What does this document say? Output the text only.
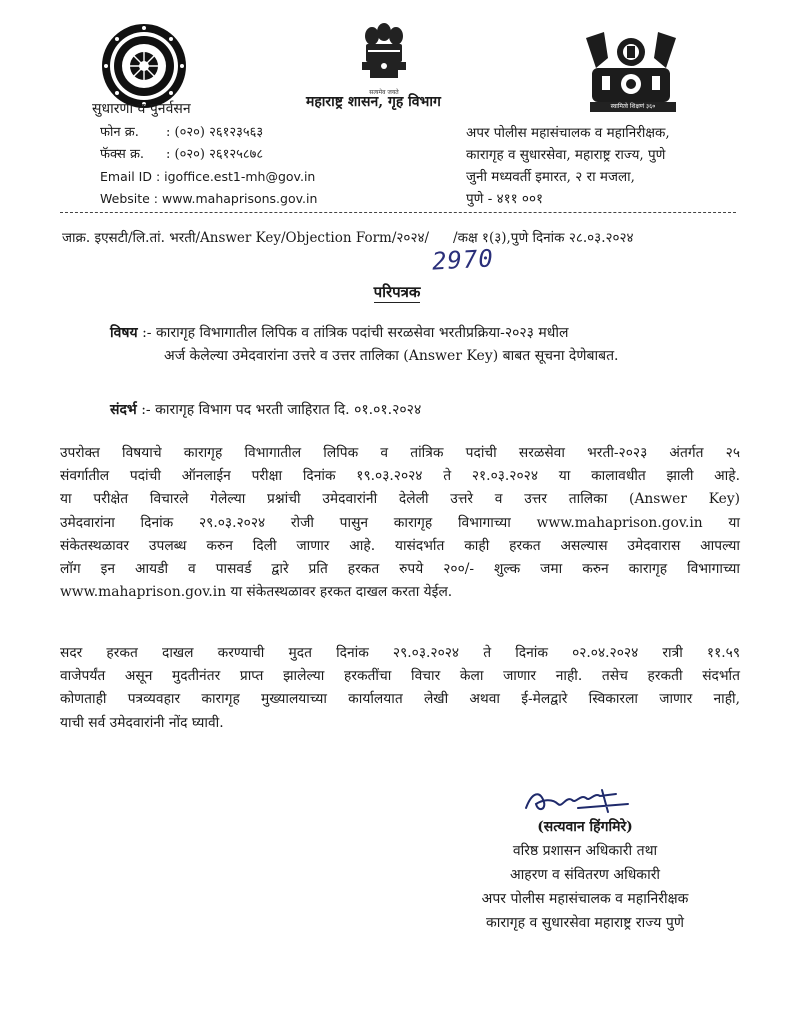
सत्यमेव जयते
स्वामित्वे शिक्षणं ३६०
सुधारणा व पुनर्वसन	महाराष्ट्र शासन, गृह विभाग
फोन क्र. : (०२०) २६१२३५६३
फॅक्स क्र. : (०२०) २६१२५८७८
Email ID : igoffice.est1-mh@gov.in
Website : www.mahaprisons.gov.in
अपर पोलीस महासंचालक व महानिरीक्षक,
कारागृह व सुधारसेवा, महाराष्ट्र राज्य, पुणे
जुनी मध्यवर्ती इमारत, २ रा मजला,
पुणे - ४११ ००१
जाक्र. इएसटी/लि.तां. भरती/Answer Key/Objection Form/२०२४/ /कक्ष १(३),पुणे दिनांक २८.०३.२०२४
2970
परिपत्रक
विषय :- कारागृह विभागातील लिपिक व तांत्रिक पदांची सरळसेवा भरतीप्रक्रिया-२०२३ मधील
अर्ज केलेल्या उमेदवारांना उत्तरे व उत्तर तालिका (Answer Key) बाबत सूचना देणेबाबत.
संदर्भ :- कारागृह विभाग पद भरती जाहिरात दि. ०१.०१.२०२४
उपरोक्त विषयाचे कारागृह विभागातील लिपिक व तांत्रिक पदांची सरळसेवा भरती-२०२३ अंतर्गत २५
संवर्गातील पदांची ऑनलाईन परीक्षा दिनांक १९.०३.२०२४ ते २१.०३.२०२४ या कालावधीत झाली आहे.
या परीक्षेत विचारले गेलेल्या प्रश्नांची उमेदवारांनी देलेली उत्तरे व उत्तर तालिका (Answer Key)
उमेदवारांना दिनांक २९.०३.२०२४ रोजी पासुन कारागृह विभागाच्या www.mahaprison.gov.in या
संकेतस्थळावर उपलब्ध करुन दिली जाणार आहे. यासंदर्भात काही हरकत असल्यास उमेदवारास आपल्या
लॉग इन आयडी व पासवर्ड द्वारे प्रति हरकत रुपये २००/- शुल्क जमा करुन कारागृह विभागाच्या
www.mahaprison.gov.in या संकेतस्थळावर हरकत दाखल करता येईल.
सदर हरकत दाखल करण्याची मुदत दिनांक २९.०३.२०२४ ते दिनांक ०२.०४.२०२४ रात्री ११.५९
वाजेपर्यंत असून मुदतीनंतर प्राप्त झालेल्या हरकतींचा विचार केला जाणार नाही. तसेच हरकती संदर्भात
कोणताही पत्रव्यवहार कारागृह मुख्यालयाच्या कार्यालयात लेखी अथवा ई-मेलद्वारे स्विकारला जाणार नाही,
याची सर्व उमेदवारांनी नोंद घ्यावी.
(सत्यवान हिंगमिरे)
वरिष्ठ प्रशासन अधिकारी तथा
आहरण व संवितरण अधिकारी
अपर पोलीस महासंचालक व महानिरीक्षक
कारागृह व सुधारसेवा महाराष्ट्र राज्य पुणे
